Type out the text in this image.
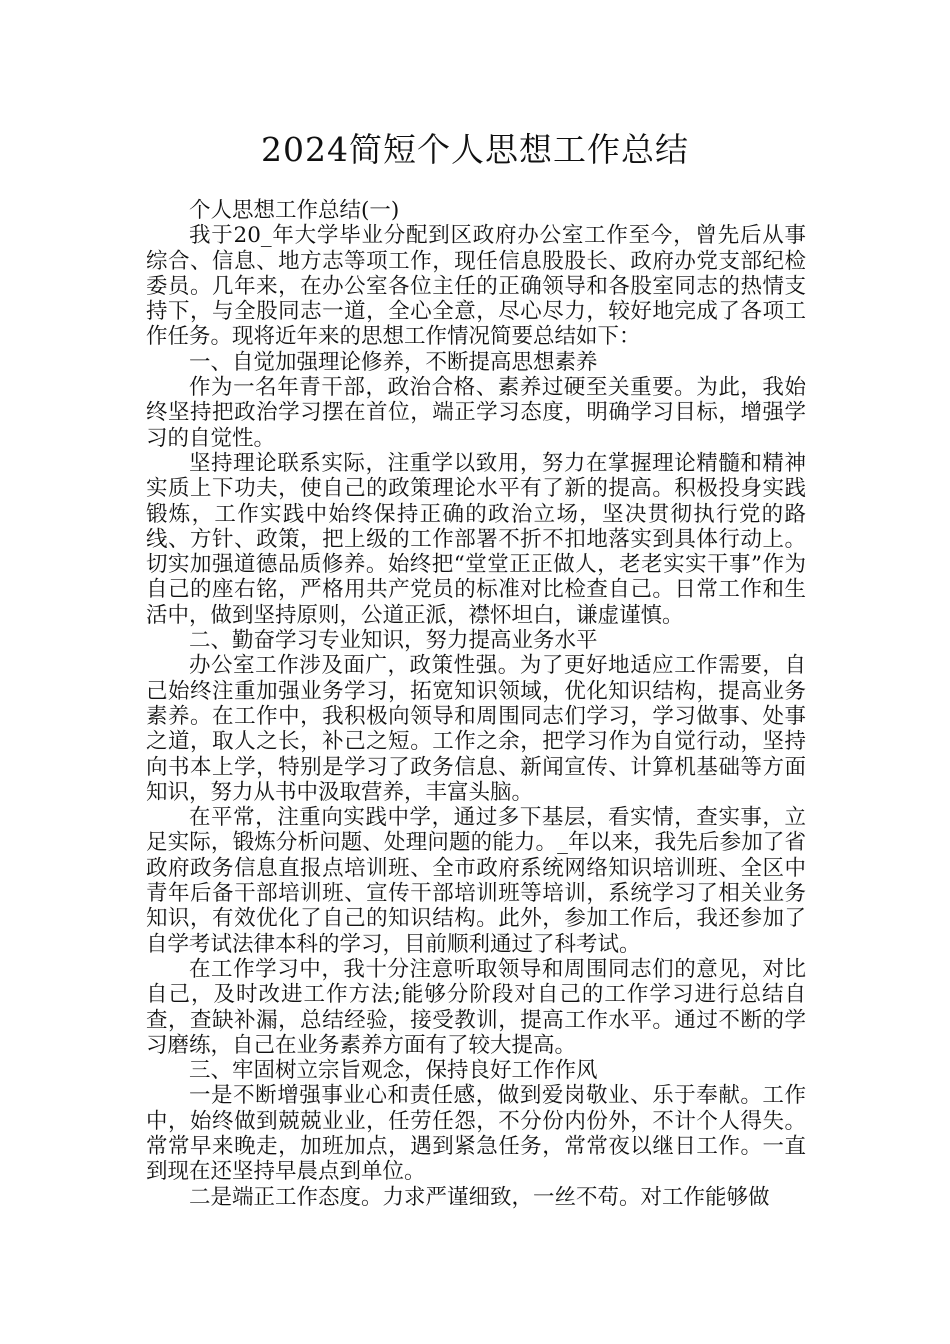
2024简短个人思想工作总结

个人思想工作总结(一)

我于20_年大学毕业分配到区政府办公室工作至今，曾先后从事综合、信息、地方志等项工作，现任信息股股长、政府办党支部纪检委员。几年来，在办公室各位主任的正确领导和各股室同志的热情支持下，与全股同志一道，全心全意，尽心尽力，较好地完成了各项工作任务。现将近年来的思想工作情况简要总结如下：

一、自觉加强理论修养，不断提高思想素养

作为一名年青干部，政治合格、素养过硬至关重要。为此，我始终坚持把政治学习摆在首位，端正学习态度，明确学习目标，增强学习的自觉性。

坚持理论联系实际，注重学以致用，努力在掌握理论精髓和精神实质上下功夫，使自己的政策理论水平有了新的提高。积极投身实践锻炼，工作实践中始终保持正确的政治立场，坚决贯彻执行党的路线、方针、政策，把上级的工作部署不折不扣地落实到具体行动上。切实加强道德品质修养。始终把“堂堂正正做人，老老实实干事”作为自己的座右铭，严格用共产党员的标准对比检查自己。日常工作和生活中，做到坚持原则，公道正派，襟怀坦白，谦虚谨慎。

二、勤奋学习专业知识，努力提高业务水平

办公室工作涉及面广，政策性强。为了更好地适应工作需要，自己始终注重加强业务学习，拓宽知识领域，优化知识结构，提高业务素养。在工作中，我积极向领导和周围同志们学习，学习做事、处事之道，取人之长，补己之短。工作之余，把学习作为自觉行动，坚持向书本上学，特别是学习了政务信息、新闻宣传、计算机基础等方面知识，努力从书中汲取营养，丰富头脑。

在平常，注重向实践中学，通过多下基层，看实情，查实事，立足实际，锻炼分析问题、处理问题的能力。_年以来，我先后参加了省政府政务信息直报点培训班、全市政府系统网络知识培训班、全区中青年后备干部培训班、宣传干部培训班等培训，系统学习了相关业务知识，有效优化了自己的知识结构。此外，参加工作后，我还参加了自学考试法律本科的学习，目前顺利通过了科考试。

在工作学习中，我十分注意听取领导和周围同志们的意见，对比自己，及时改进工作方法;能够分阶段对自己的工作学习进行总结自查，查缺补漏，总结经验，接受教训，提高工作水平。通过不断的学习磨练，自己在业务素养方面有了较大提高。

三、牢固树立宗旨观念，保持良好工作作风

一是不断增强事业心和责任感，做到爱岗敬业、乐于奉献。工作中，始终做到兢兢业业，任劳任怨，不分份内份外，不计个人得失。常常早来晚走，加班加点，遇到紧急任务，常常夜以继日工作。一直到现在还坚持早晨点到单位。

二是端正工作态度。力求严谨细致，一丝不苟。对工作能够做
